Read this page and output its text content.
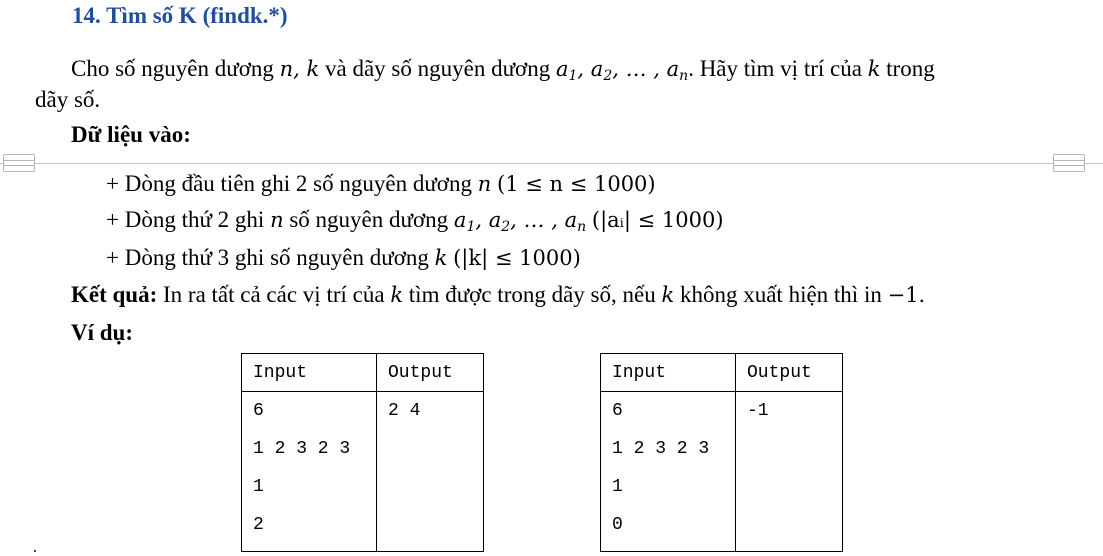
14. Tìm số K (findk.*)
Cho số nguyên dương n, k và dãy số nguyên dương $a_1$, $a_2$, … , $a_n$. Hãy tìm vị trí của k trong
dãy số.
Dữ liệu vào:
+ Dòng đầu tiên ghi 2 số nguyên dương n (1 ≤ n ≤ 1000)
+ Dòng thứ 2 ghi n số nguyên dương $a_1$, $a_2$, … , $a_n$ (|aᵢ| ≤ 1000)
+ Dòng thứ 3 ghi số nguyên dương k (|k| ≤ 1000)
Kết quả: In ra tất cả các vị trí của k tìm được trong dãy số, nếu k không xuất hiện thì in −1.
Ví dụ:
Input	Output

6
1 2 3 2 3
1
2	2 4
Input	Output

6
1 2 3 2 3
1
0	-1
